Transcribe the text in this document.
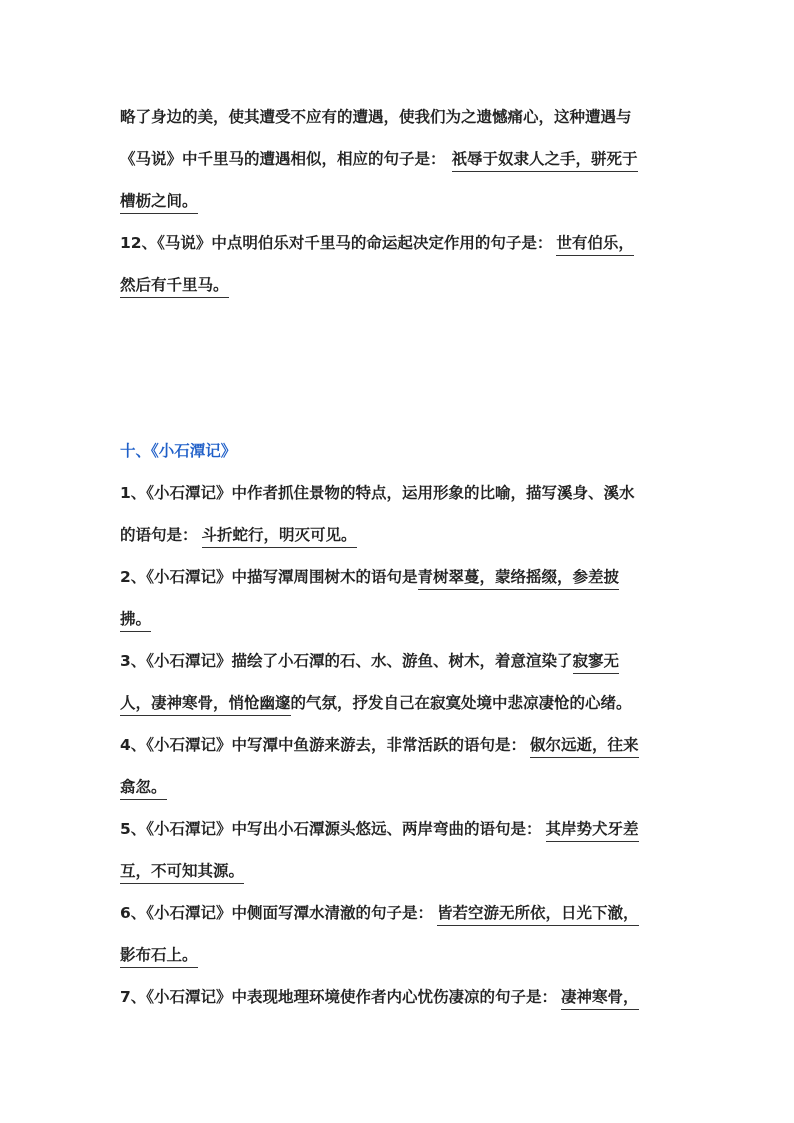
略了身边的美，使其遭受不应有的遭遇，使我们为之遗憾痛心，这种遭遇与
《马说》中千里马的遭遇相似，相应的句子是： 祇辱于奴隶人之手，骈死于
槽枥之间。
12、《马说》中点明伯乐对千里马的命运起决定作用的句子是： 世有伯乐，
然后有千里马。
十、《小石潭记》
1、《小石潭记》中作者抓住景物的特点，运用形象的比喻，描写溪身、溪水
的语句是： 斗折蛇行，明灭可见。
2、《小石潭记》中描写潭周围树木的语句是青树翠蔓，蒙络摇缀，参差披
拂。
3、《小石潭记》描绘了小石潭的石、水、游鱼、树木，着意渲染了寂寥无
人，凄神寒骨，悄怆幽邃的气氛，抒发自己在寂寞处境中悲凉凄怆的心绪。
4、《小石潭记》中写潭中鱼游来游去，非常活跃的语句是： 俶尔远逝，往来
翕忽。
5、《小石潭记》中写出小石潭源头悠远、两岸弯曲的语句是： 其岸势犬牙差
互，不可知其源。
6、《小石潭记》中侧面写潭水清澈的句子是： 皆若空游无所依，日光下澈，
影布石上。
7、《小石潭记》中表现地理环境使作者内心忧伤凄凉的句子是： 凄神寒骨，
